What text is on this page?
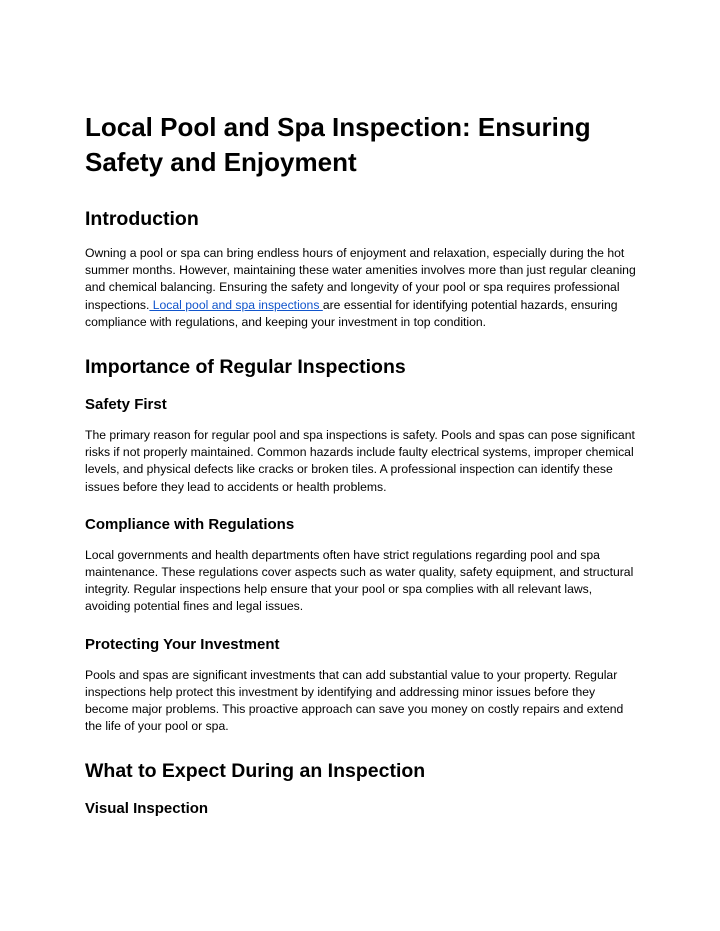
Local Pool and Spa Inspection: Ensuring Safety and Enjoyment
Introduction

Owning a pool or spa can bring endless hours of enjoyment and relaxation, especially during the hot summer months. However, maintaining these water amenities involves more than just regular cleaning and chemical balancing. Ensuring the safety and longevity of your pool or spa requires professional inspections. Local pool and spa inspections are essential for identifying potential hazards, ensuring compliance with regulations, and keeping your investment in top condition.

Importance of Regular Inspections
Safety First

The primary reason for regular pool and spa inspections is safety. Pools and spas can pose significant risks if not properly maintained. Common hazards include faulty electrical systems, improper chemical levels, and physical defects like cracks or broken tiles. A professional inspection can identify these issues before they lead to accidents or health problems.

Compliance with Regulations

Local governments and health departments often have strict regulations regarding pool and spa maintenance. These regulations cover aspects such as water quality, safety equipment, and structural integrity. Regular inspections help ensure that your pool or spa complies with all relevant laws, avoiding potential fines and legal issues.

Protecting Your Investment

Pools and spas are significant investments that can add substantial value to your property. Regular inspections help protect this investment by identifying and addressing minor issues before they become major problems. This proactive approach can save you money on costly repairs and extend the life of your pool or spa.

What to Expect During an Inspection
Visual Inspection
